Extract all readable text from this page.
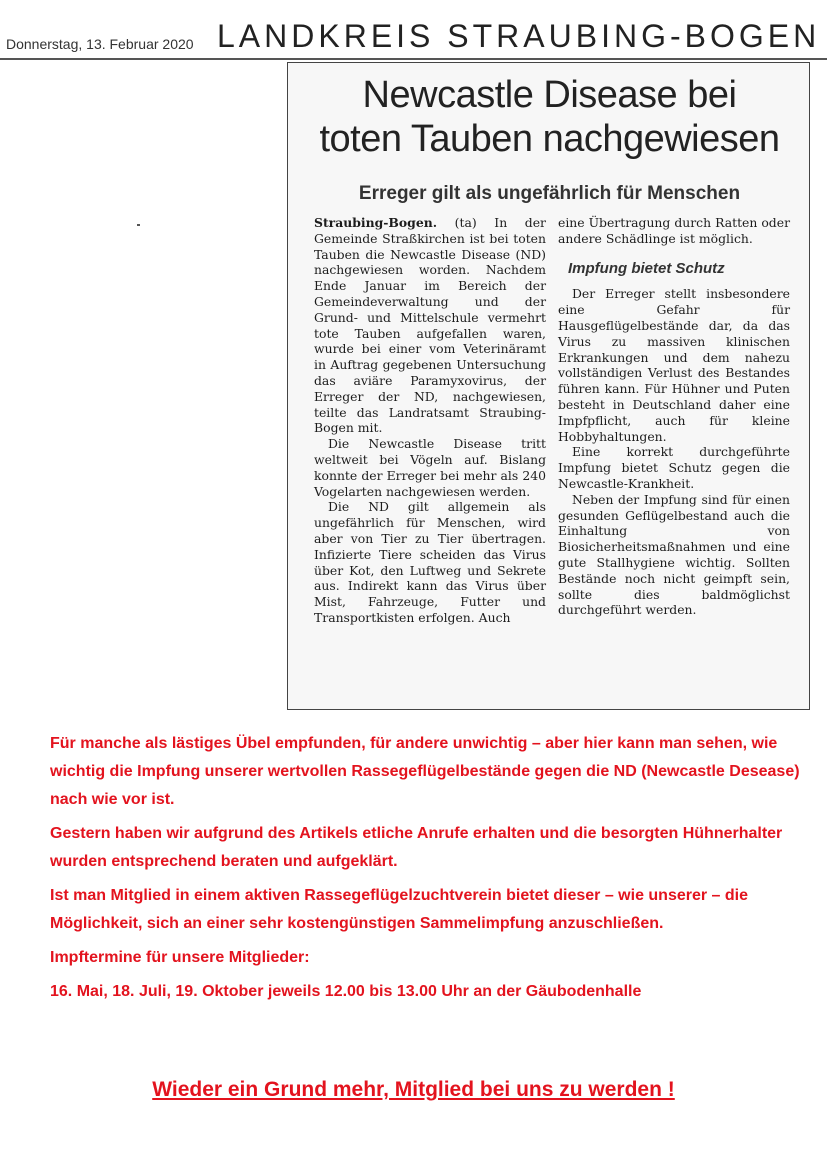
Donnerstag, 13. Februar 2020 LANDKREIS STRAUBING-BOGEN
Newcastle Disease bei
toten Tauben nachgewiesen
Erreger gilt als ungefährlich für Menschen

Straubing-Bogen. (ta) In der Gemeinde Straßkirchen ist bei toten Tauben die Newcastle Disease (ND) nachgewiesen worden. Nachdem Ende Januar im Bereich der Gemeindeverwaltung und der Grund- und Mittelschule vermehrt tote Tauben aufgefallen waren, wurde bei einer vom Veterinäramt in Auftrag gegebenen Untersuchung das aviäre Paramyxovirus, der Erreger der ND, nachgewiesen, teilte das Landratsamt Straubing-Bogen mit.

Die Newcastle Disease tritt weltweit bei Vögeln auf. Bislang konnte der Erreger bei mehr als 240 Vogelarten nachgewiesen werden.

Die ND gilt allgemein als ungefährlich für Menschen, wird aber von Tier zu Tier übertragen. Infizierte Tiere scheiden das Virus über Kot, den Luftweg und Sekrete aus. Indirekt kann das Virus über Mist, Fahrzeuge, Futter und Transportkisten erfolgen. Auch

eine Übertragung durch Ratten oder andere Schädlinge ist möglich.

Impfung bietet Schutz

Der Erreger stellt insbesondere eine Gefahr für Hausgeflügelbestände dar, da das Virus zu massiven klinischen Erkrankungen und dem nahezu vollständigen Verlust des Bestandes führen kann. Für Hühner und Puten besteht in Deutschland daher eine Impfpflicht, auch für kleine Hobbyhaltungen.

Eine korrekt durchgeführte Impfung bietet Schutz gegen die Newcastle-Krankheit.

Neben der Impfung sind für einen gesunden Geflügelbestand auch die Einhaltung von Biosicherheitsmaßnahmen und eine gute Stallhygiene wichtig. Sollten Bestände noch nicht geimpft sein, sollte dies baldmöglichst durchgeführt werden.

Für manche als lästiges Übel empfunden, für andere unwichtig – aber hier kann man sehen, wie wichtig die Impfung unserer wertvollen Rassegeflügelbestände gegen die ND (Newcastle Desease) nach wie vor ist.

Gestern haben wir aufgrund des Artikels etliche Anrufe erhalten und die besorgten Hühnerhalter wurden entsprechend beraten und aufgeklärt.

Ist man Mitglied in einem aktiven Rassegeflügelzuchtverein bietet dieser – wie unserer – die Möglichkeit, sich an einer sehr kostengünstigen Sammelimpfung anzuschließen.

Impftermine für unsere Mitglieder:

16. Mai, 18. Juli, 19. Oktober jeweils 12.00 bis 13.00 Uhr an der Gäubodenhalle

Wieder ein Grund mehr, Mitglied bei uns zu werden !
